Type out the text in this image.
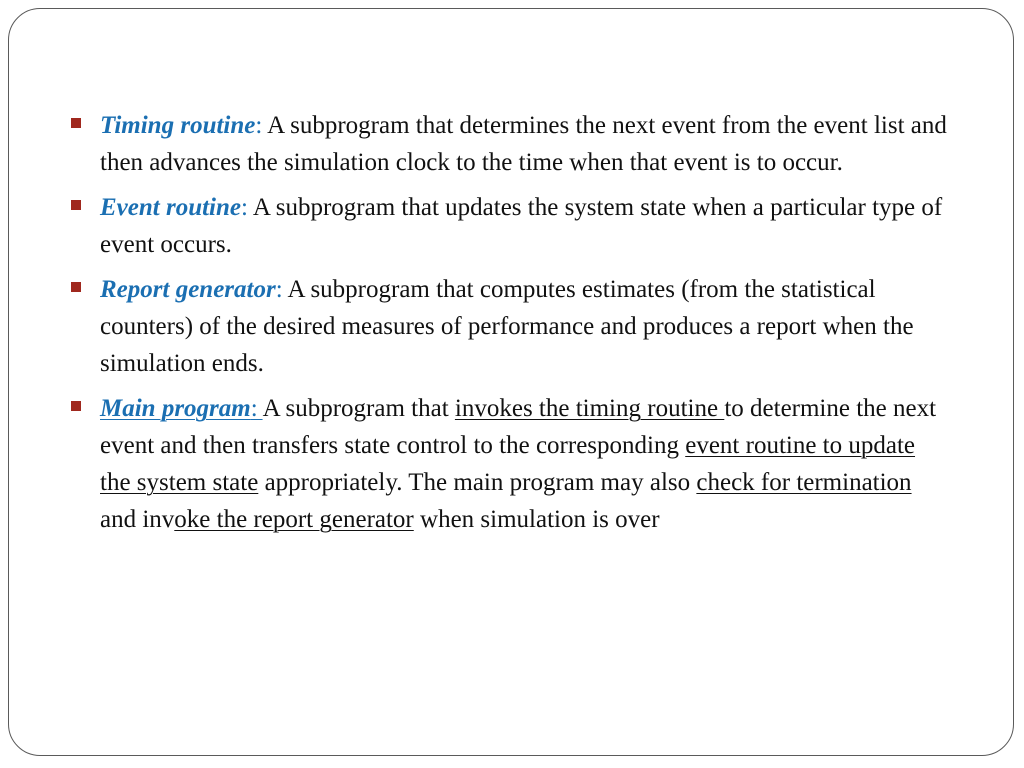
Timing routine: A subprogram that determines the next event from the event list and then advances the simulation clock to the time when that event is to occur.
Event routine: A subprogram that updates the system state when a particular type of event occurs.
Report generator: A subprogram that computes estimates (from the statistical counters) of the desired measures of performance and produces a report when the simulation ends.
Main program: A subprogram that invokes the timing routine to determine the next event and then transfers state control to the corresponding event routine to update the system state appropriately. The main program may also check for termination and invoke the report generator when simulation is over
